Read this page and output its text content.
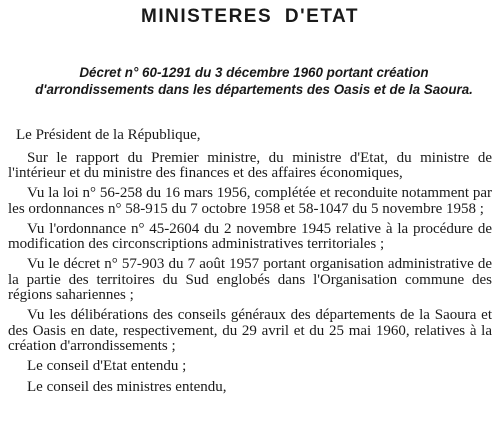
MINISTERES D'ETAT
Décret n° 60-1291 du 3 décembre 1960 portant création
d'arrondissements dans les départements des Oasis et de la Saoura.

Le Président de la République,

Sur le rapport du Premier ministre, du ministre d'Etat, du ministre de l'intérieur et du ministre des finances et des affaires économiques,

Vu la loi n° 56-258 du 16 mars 1956, complétée et reconduite notamment par les ordonnances n° 58-915 du 7 octobre 1958 et 58-1047 du 5 novembre 1958 ;

Vu l'ordonnance n° 45-2604 du 2 novembre 1945 relative à la procédure de modification des circonscriptions administratives territoriales ;

Vu le décret n° 57-903 du 7 août 1957 portant organisation administrative de la partie des territoires du Sud englobés dans l'Organisation commune des régions sahariennes ;

Vu les délibérations des conseils généraux des départements de la Saoura et des Oasis en date, respectivement, du 29 avril et du 25 mai 1960, relatives à la création d'arrondissements ;

Le conseil d'Etat entendu ;

Le conseil des ministres entendu,
